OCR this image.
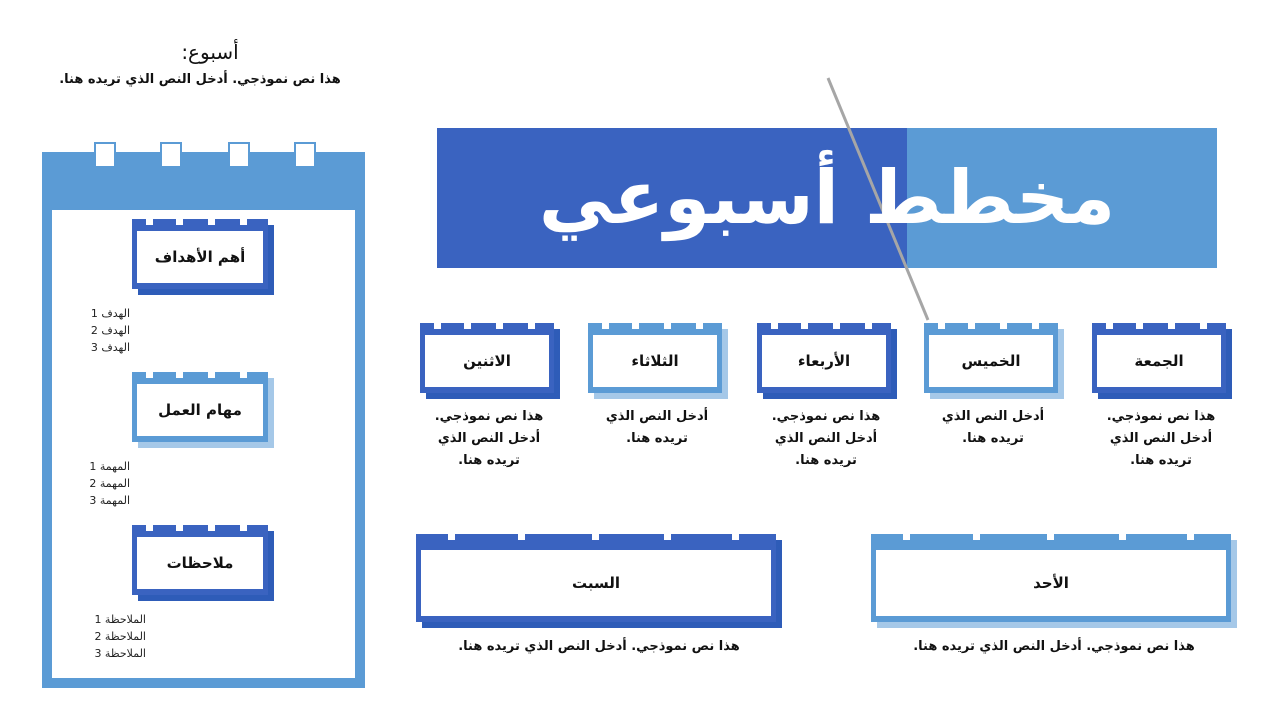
أسبوع:
هذا نص نموذجي. أدخل النص الذي تريده هنا.
أهم الأهداف
الهدف 1
الهدف 2
الهدف 3
مهام العمل
المهمة 1
المهمة 2
المهمة 3
ملاحظات
الملاحظة 1
الملاحظة 2
الملاحظة 3
مخطط أسبوعي
الجمعة
هذا نص نموذجي. أدخل النص الذي تريده هنا.
الخميس
أدخل النص الذي تريده هنا.
الأربعاء
هذا نص نموذجي. أدخل النص الذي تريده هنا.
الثلاثاء
أدخل النص الذي تريده هنا.
الاثنين
هذا نص نموذجي. أدخل النص الذي تريده هنا.
الأحد
هذا نص نموذجي. أدخل النص الذي تريده هنا.
السبت
هذا نص نموذجي. أدخل النص الذي تريده هنا.
